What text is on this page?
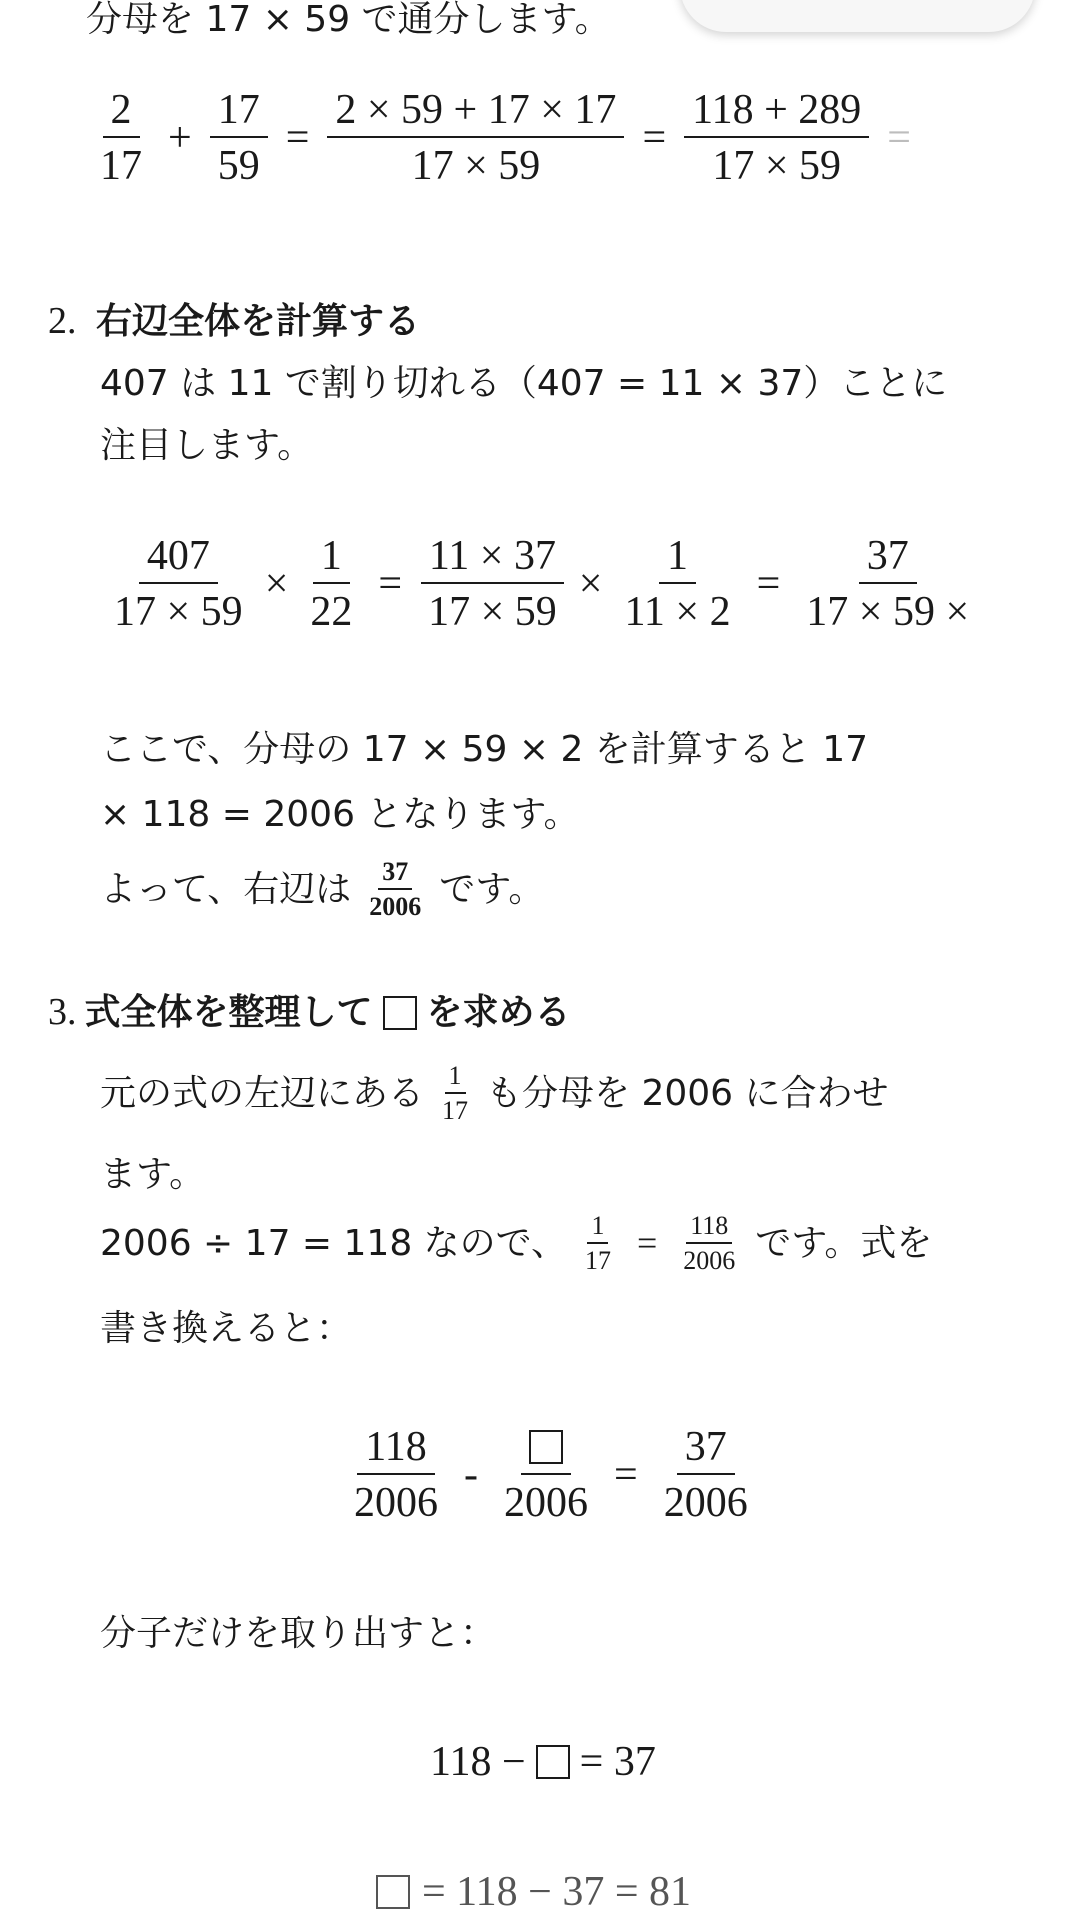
分母を 17 × 59 で通分します。
$\frac{2}{17} + \frac{17}{59} = \frac{2 \times 59 + 17 \times 17}{17 \times 59} = \frac{118 + 289}{17 \times 59}$ =
2. 右辺全体を計算する
407 は 11 で割り切れる（407 = 11 × 37）ことに
注目します。
$\frac{407}{17 \times 59} \times \frac{1}{22} = \frac{11 \times 37}{17 \times 59} \times \frac{1}{11 \times 2} = \frac{37}{17 \times 59 \times}$
ここで、分母の 17 × 59 × 2 を計算すると 17
× 118 = 2006 となります。
よって、右辺は $\frac{37}{2006}$ です。
3. 式全体を整理して を求める
元の式の左辺にある $\frac{1}{17}$ も分母を 2006 に合わせ
ます。
2006 ÷ 17 = 118 なので、 $\frac{1}{17} = \frac{118}{2006}$ です。式を
書き換えると：
$\frac{118}{2006}$ -
2006
= $\frac{37}{2006}$
分子だけを取り出すと：
118 − = 37
= 118 − 37 = 81
